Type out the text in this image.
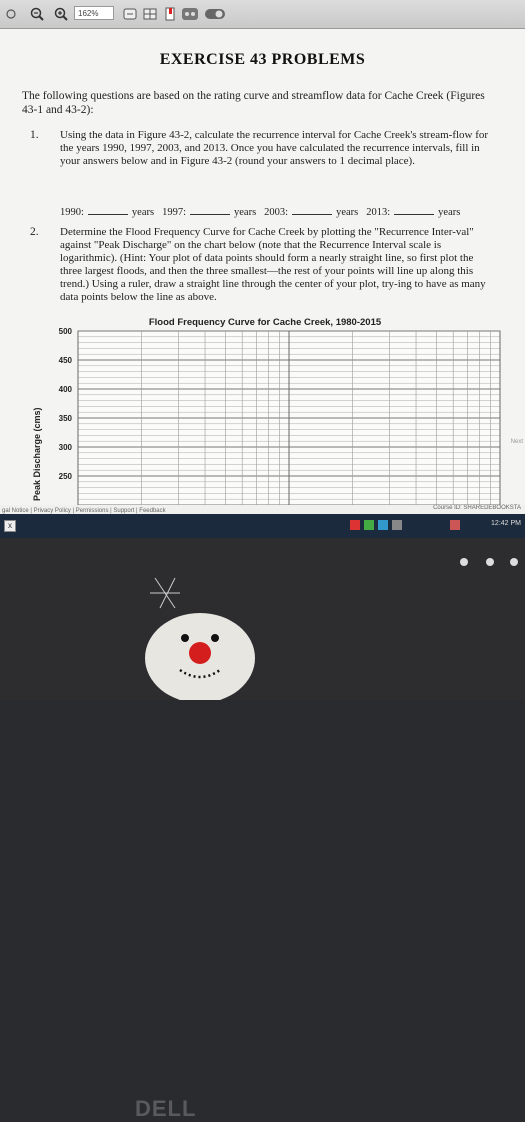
162%
EXERCISE 43 PROBLEMS
The following questions are based on the rating curve and streamflow data for Cache Creek (Figures 43-1 and 43-2):
1. Using the data in Figure 43-2, calculate the recurrence interval for Cache Creek's stream-flow for the years 1990, 1997, 2003, and 2013. Once you have calculated the recurrence intervals, fill in your answers below and in Figure 43-2 (round your answers to 1 decimal place).
1990:	years 1997:	years 2003:	years 2013:	years
2. Determine the Flood Frequency Curve for Cache Creek by plotting the "Recurrence Inter-val" against "Peak Discharge" on the chart below (note that the Recurrence Interval scale is logarithmic). (Hint: Your plot of data points should form a nearly straight line, so first plot the three largest floods, and then the three smallest—the rest of your points will line up along this trend.) Using a ruler, draw a straight line through the center of your plot, try-ing to have as many data points below the line as above.
Flood Frequency Curve for Cache Creek, 1980-2015
500
450
400
350
300
250
Peak Discharge (cms)
gal Notice | Privacy Policy | Permissions | Support | Feedback	Course ID: SHAREDEBOOKSTA
Next
x	12:42 PM
DELL
